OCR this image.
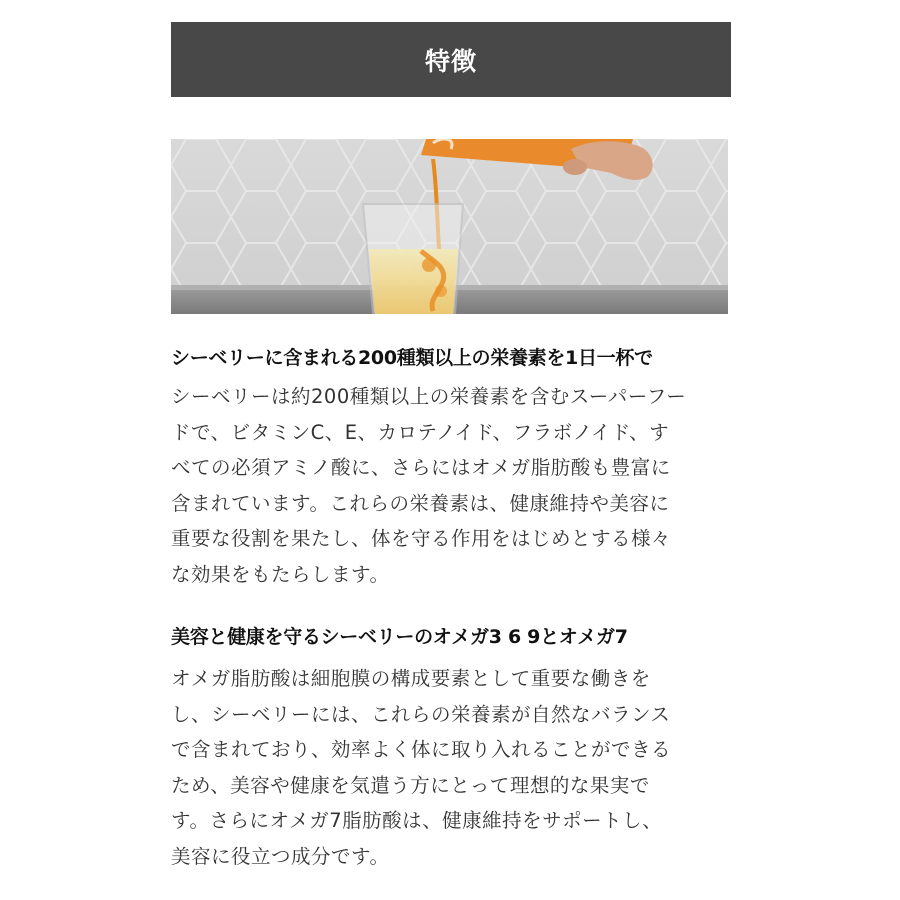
特徴
シーベリーに含まれる200種類以上の栄養素を1日一杯で
シーベリーは約200種類以上の栄養素を含むスーパーフー
ドで、ビタミンC、E、カロテノイド、フラボノイド、す
べての必須アミノ酸に、さらにはオメガ脂肪酸も豊富に
含まれています。これらの栄養素は、健康維持や美容に
重要な役割を果たし、体を守る作用をはじめとする様々
な効果をもたらします。
美容と健康を守るシーベリーのオメガ3 6 9とオメガ7
オメガ脂肪酸は細胞膜の構成要素として重要な働きを
し、シーベリーには、これらの栄養素が自然なバランス
で含まれており、効率よく体に取り入れることができる
ため、美容や健康を気遣う方にとって理想的な果実で
す。さらにオメガ7脂肪酸は、健康維持をサポートし、
美容に役立つ成分です。
